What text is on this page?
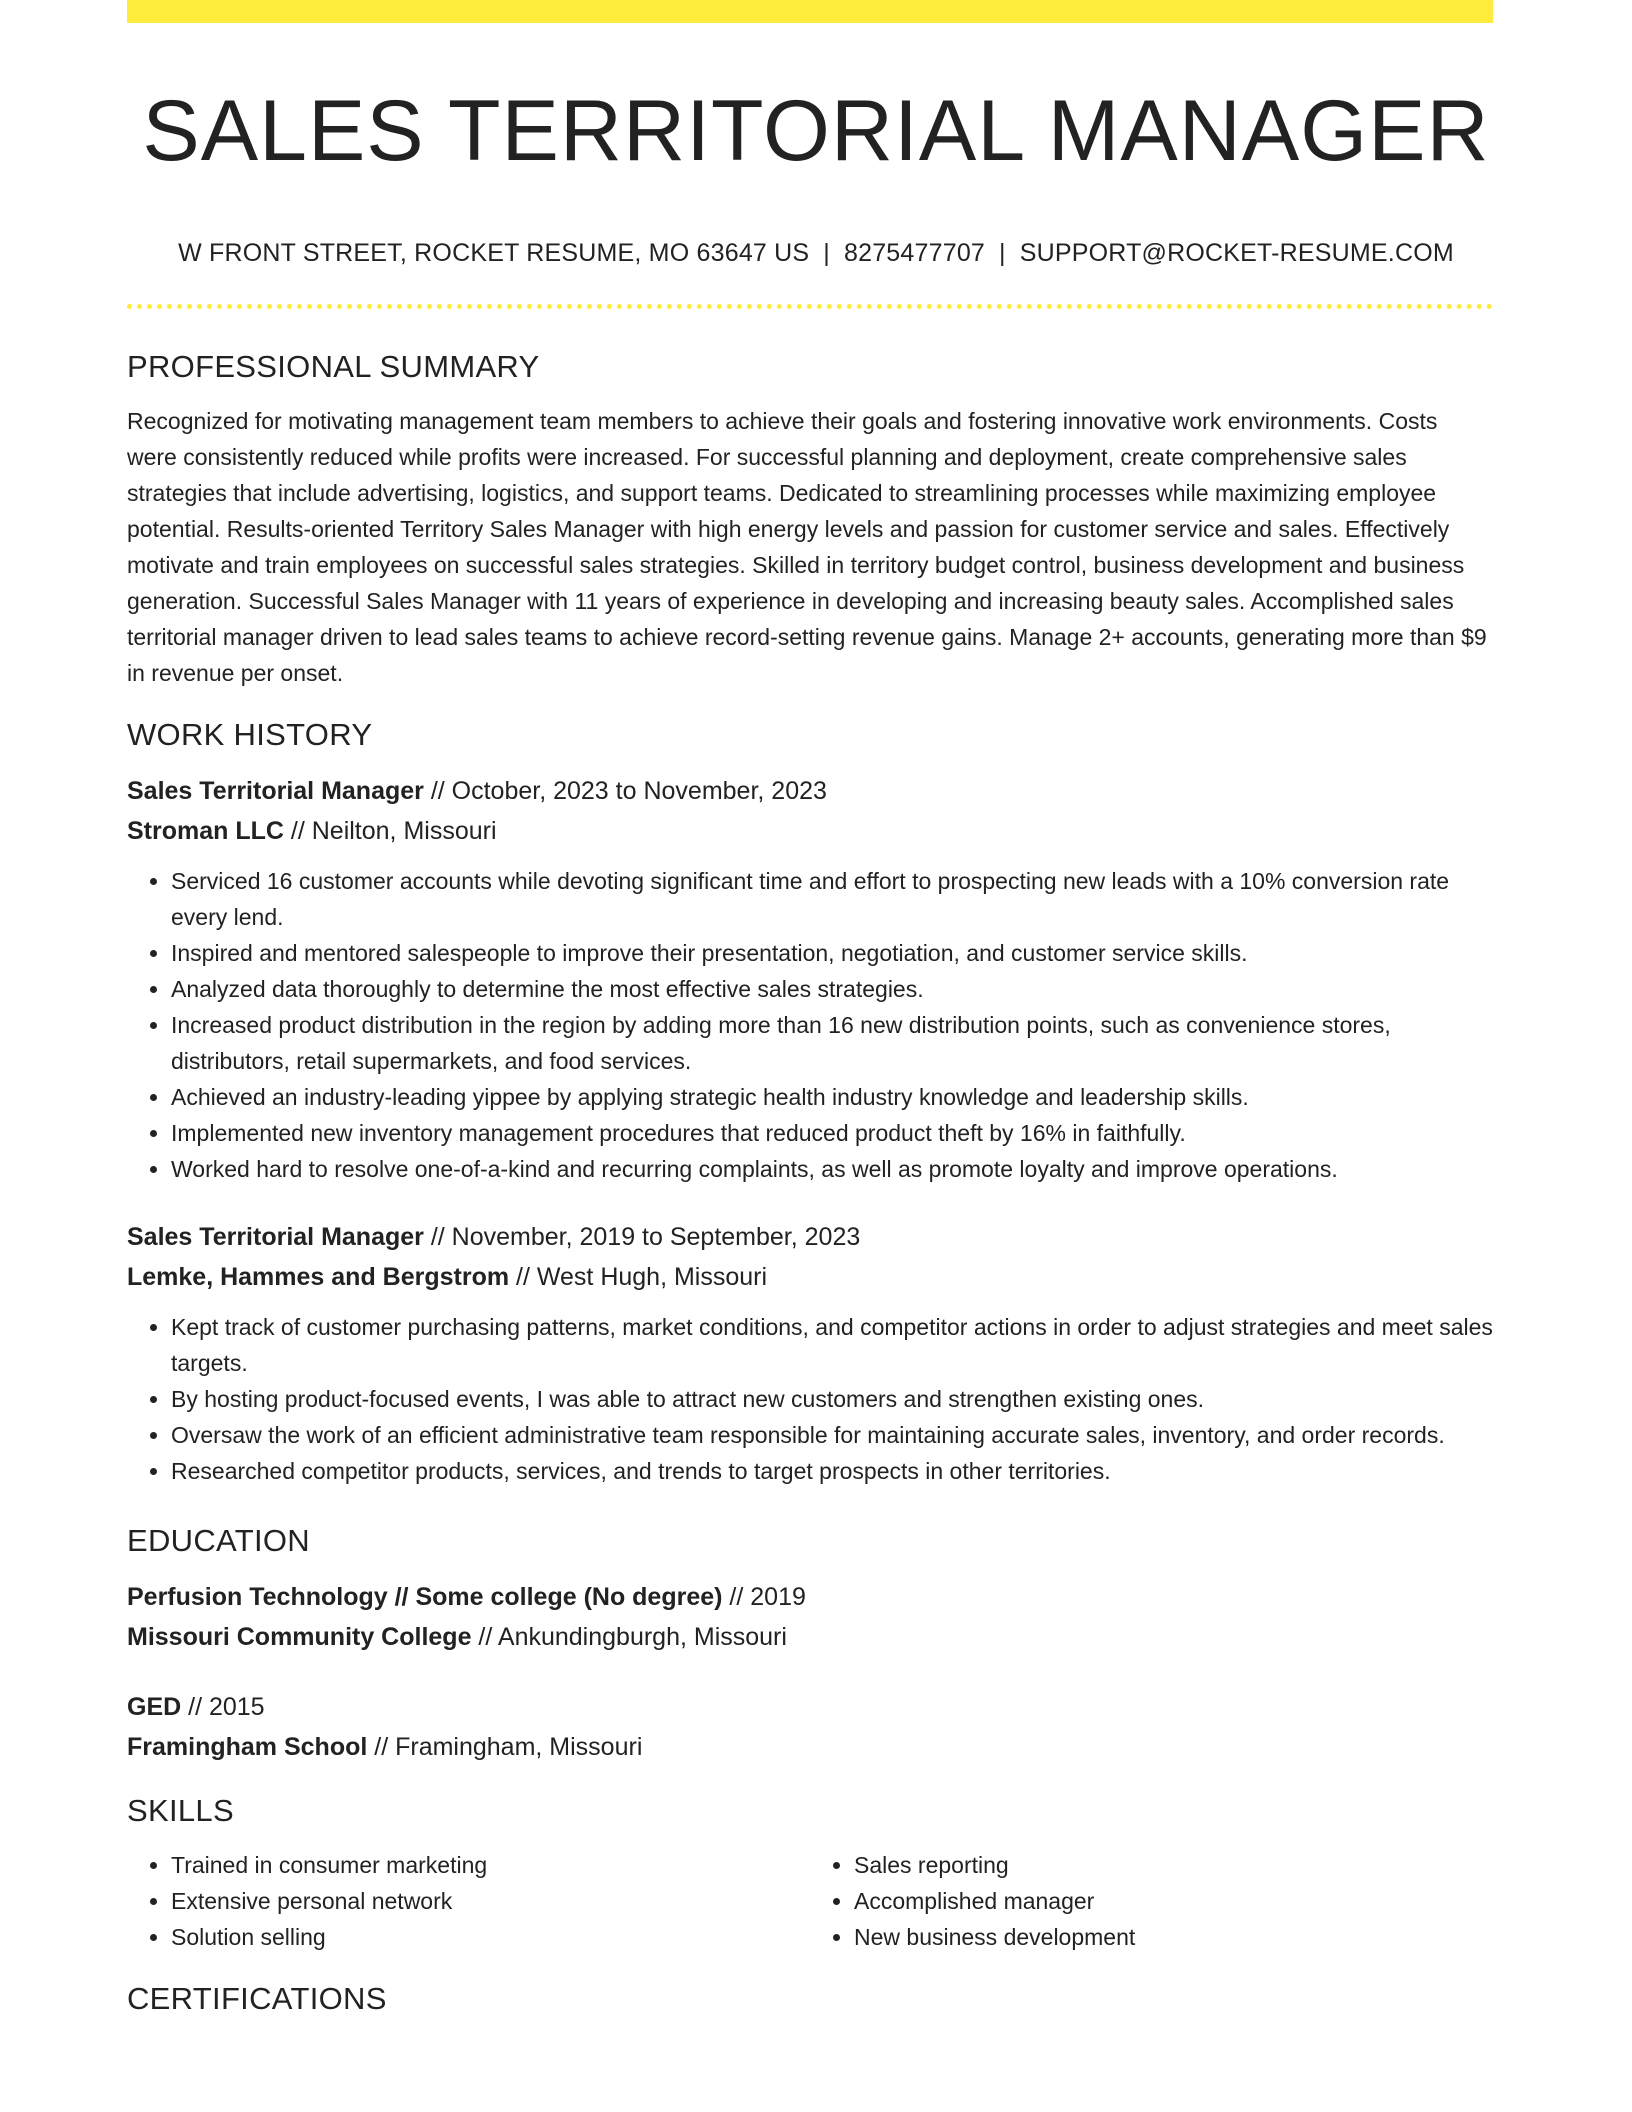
SALES TERRITORIAL MANAGER
W FRONT STREET, ROCKET RESUME, MO 63647 US | 8275477707 | SUPPORT@ROCKET-RESUME.COM
PROFESSIONAL SUMMARY

Recognized for motivating management team members to achieve their goals and fostering innovative work environments. Costs were consistently reduced while profits were increased. For successful planning and deployment, create comprehensive sales strategies that include advertising, logistics, and support teams. Dedicated to streamlining processes while maximizing employee potential. Results-oriented Territory Sales Manager with high energy levels and passion for customer service and sales. Effectively motivate and train employees on successful sales strategies. Skilled in territory budget control, business development and business generation. Successful Sales Manager with 11 years of experience in developing and increasing beauty sales. Accomplished sales territorial manager driven to lead sales teams to achieve record-setting revenue gains. Manage 2+ accounts, generating more than $9 in revenue per onset.

WORK HISTORY

Sales Territorial Manager // October, 2023 to November, 2023

Stroman LLC // Neilton, Missouri

• Serviced 16 customer accounts while devoting significant time and effort to prospecting new leads with a 10% conversion rate every lend.
• Inspired and mentored salespeople to improve their presentation, negotiation, and customer service skills.
• Analyzed data thoroughly to determine the most effective sales strategies.
• Increased product distribution in the region by adding more than 16 new distribution points, such as convenience stores, distributors, retail supermarkets, and food services.
• Achieved an industry-leading yippee by applying strategic health industry knowledge and leadership skills.
• Implemented new inventory management procedures that reduced product theft by 16% in faithfully.
• Worked hard to resolve one-of-a-kind and recurring complaints, as well as promote loyalty and improve operations.

Sales Territorial Manager // November, 2019 to September, 2023

Lemke, Hammes and Bergstrom // West Hugh, Missouri

• Kept track of customer purchasing patterns, market conditions, and competitor actions in order to adjust strategies and meet sales targets.
• By hosting product-focused events, I was able to attract new customers and strengthen existing ones.
• Oversaw the work of an efficient administrative team responsible for maintaining accurate sales, inventory, and order records.
• Researched competitor products, services, and trends to target prospects in other territories.
EDUCATION

Perfusion Technology // Some college (No degree) // 2019

Missouri Community College // Ankundingburgh, Missouri

GED // 2015

Framingham School // Framingham, Missouri

SKILLS
• Trained in consumer marketing
• Extensive personal network
• Solution selling
• Sales reporting
• Accomplished manager
• New business development
CERTIFICATIONS
